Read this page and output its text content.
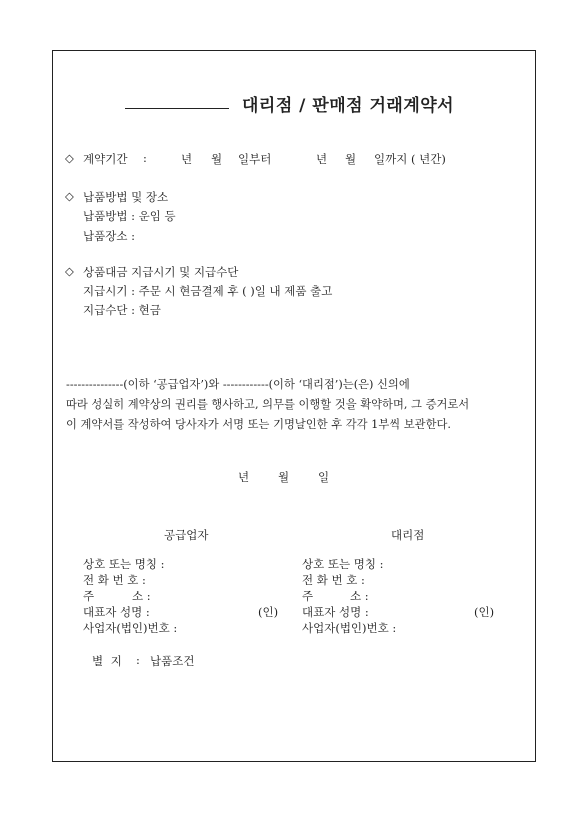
대리점 / 판매점 거래계약서
◇ 계약기간 :	년 월 일부터	년 월 일까지 ( 년간)
◇ 납품방법 및 장소
납품방법 : 운임 등
납품장소 :
◇ 상품대금 지급시기 및 지급수단
지급시기 : 주문 시 현금결제 후 ( )일 내 제품 출고
지급수단 : 현금
---------------(이하 ‘공급업자’)와 ------------(이하 ‘대리점’)는(은) 신의에
따라 성실히 계약상의 권리를 행사하고, 의무를 이행할 것을 확약하며, 그 증거로서
이 계약서를 작성하여 당사자가 서명 또는 기명날인한 후 각각 1부씩 보관한다.
년	월	일
공급업자
상호 또는 명칭 :
전 화 번 호 :
주	소 :
대표자 성명 :	(인)
사업자(법인)번호 :
대리점
상호 또는 명칭 :
전 화 번 호 :
주	소 :
대표자 성명 :	(인)
사업자(법인)번호 :
별 지 : 납품조건
